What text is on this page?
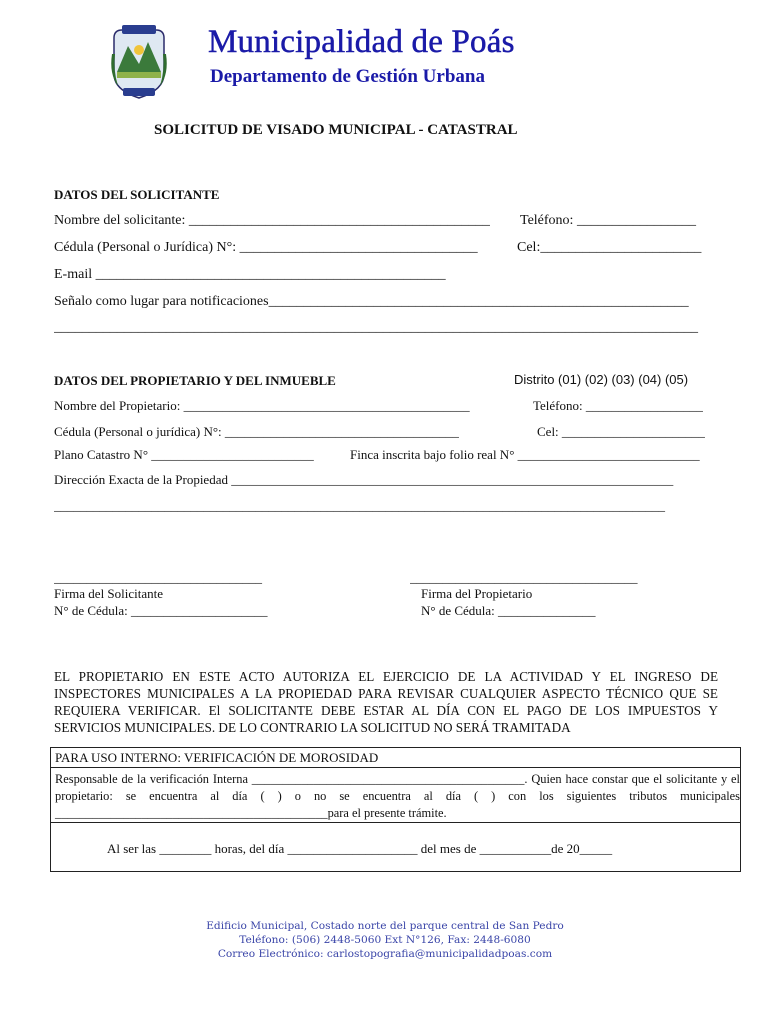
Municipalidad de Poás
Departamento de Gestión Urbana
SOLICITUD DE VISADO MUNICIPAL - CATASTRAL
DATOS DEL SOLICITANTE
Nombre del solicitante: ___________________________________________ Teléfono: _________________
Cédula (Personal o Jurídica) N°: __________________________________	Cel:_______________________
E-mail __________________________________________________
Señalo como lugar para notificaciones____________________________________________________________
____________________________________________________________________________________________
DATOS DEL PROPIETARIO Y DEL INMUEBLE	Distrito (01) (02) (03) (04) (05)
Nombre del Propietario: ____________________________________________	Teléfono: __________________
Cédula (Personal o jurídica) N°: ____________________________________	Cel: ______________________
Plano Catastro N° _________________________	Finca inscrita bajo folio real N° ____________________________
Dirección Exacta de la Propiedad ____________________________________________________________________
______________________________________________________________________________________________
________________________________
Firma del Solicitante
N° de Cédula: _____________________
___________________________________
Firma del Propietario
N° de Cédula: _______________
EL PROPIETARIO EN ESTE ACTO AUTORIZA EL EJERCICIO DE LA ACTIVIDAD Y EL INGRESO DE INSPECTORES MUNICIPALES A LA PROPIEDAD PARA REVISAR CUALQUIER ASPECTO TÉCNICO QUE SE REQUIERA VERIFICAR. El SOLICITANTE DEBE ESTAR AL DÍA CON EL PAGO DE LOS IMPUESTOS Y SERVICIOS MUNICIPALES. DE LO CONTRARIO LA SOLICITUD NO SERÁ TRAMITADA
PARA USO INTERNO: VERIFICACIÓN DE MOROSIDAD
Responsable de la verificación Interna ____________________________________________. Quien hace constar que el solicitante y el propietario: se encuentra al día ( ) o no se encuentra al día ( ) con los siguientes tributos municipales ____________________________________________para el presente trámite.
Al ser las ________ horas, del día ____________________ del mes de ___________de 20_____
Edificio Municipal, Costado norte del parque central de San Pedro
Teléfono: (506) 2448-5060 Ext N°126, Fax: 2448-6080
Correo Electrónico: carlostopografia@municipalidadpoas.com
